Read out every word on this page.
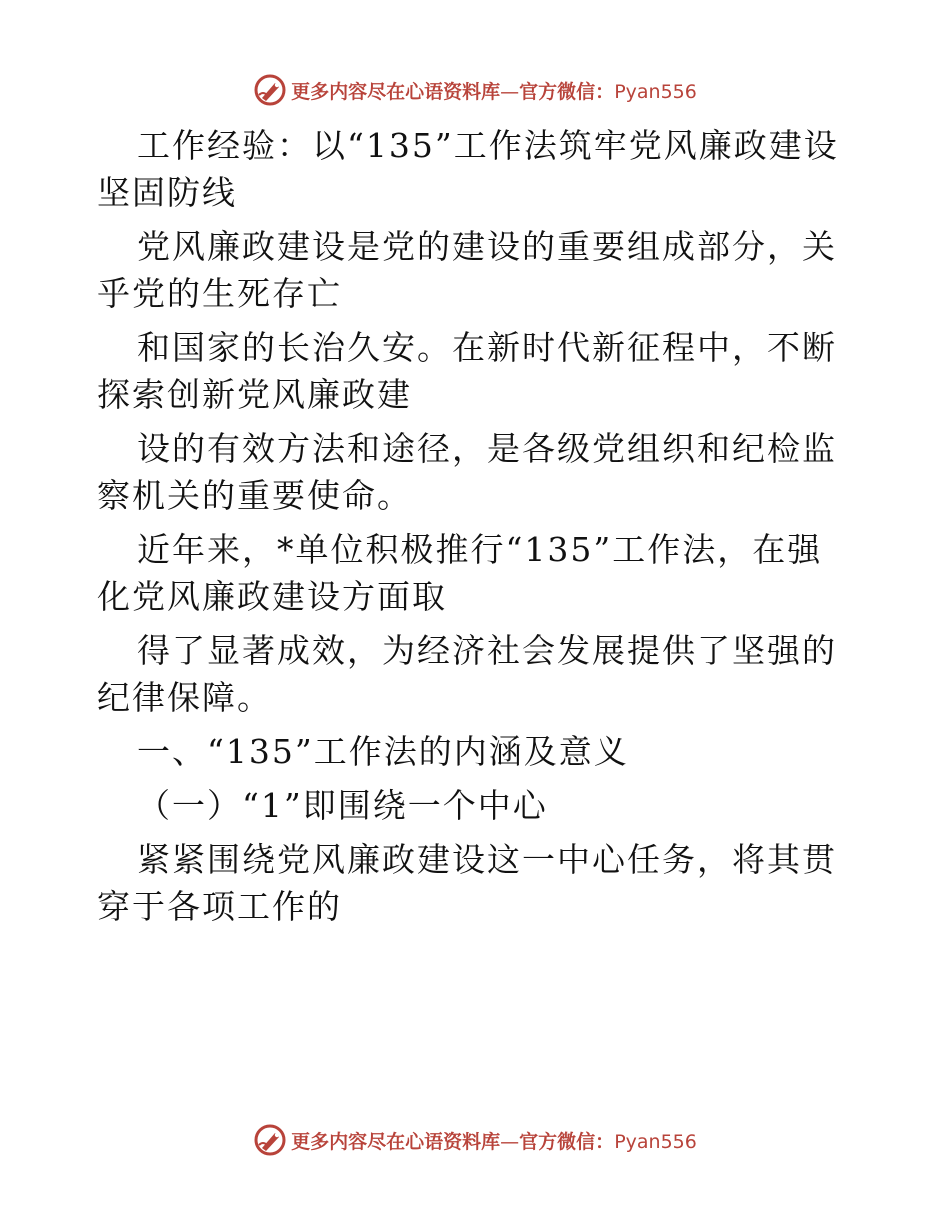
更多内容尽在心语资料库—官方微信：Pyan556

工作经验：以“135”工作法筑牢党风廉政建设坚固防线

党风廉政建设是党的建设的重要组成部分，关乎党的生死存亡

和国家的长治久安。在新时代新征程中，不断探索创新党风廉政建

设的有效方法和途径，是各级党组织和纪检监察机关的重要使命。

近年来，*单位积极推行“135”工作法，在强化党风廉政建设方面取

得了显著成效，为经济社会发展提供了坚强的纪律保障。

一、“135”工作法的内涵及意义

（一）“1”即围绕一个中心

紧紧围绕党风廉政建设这一中心任务，将其贯穿于各项工作的

更多内容尽在心语资料库—官方微信：Pyan556
